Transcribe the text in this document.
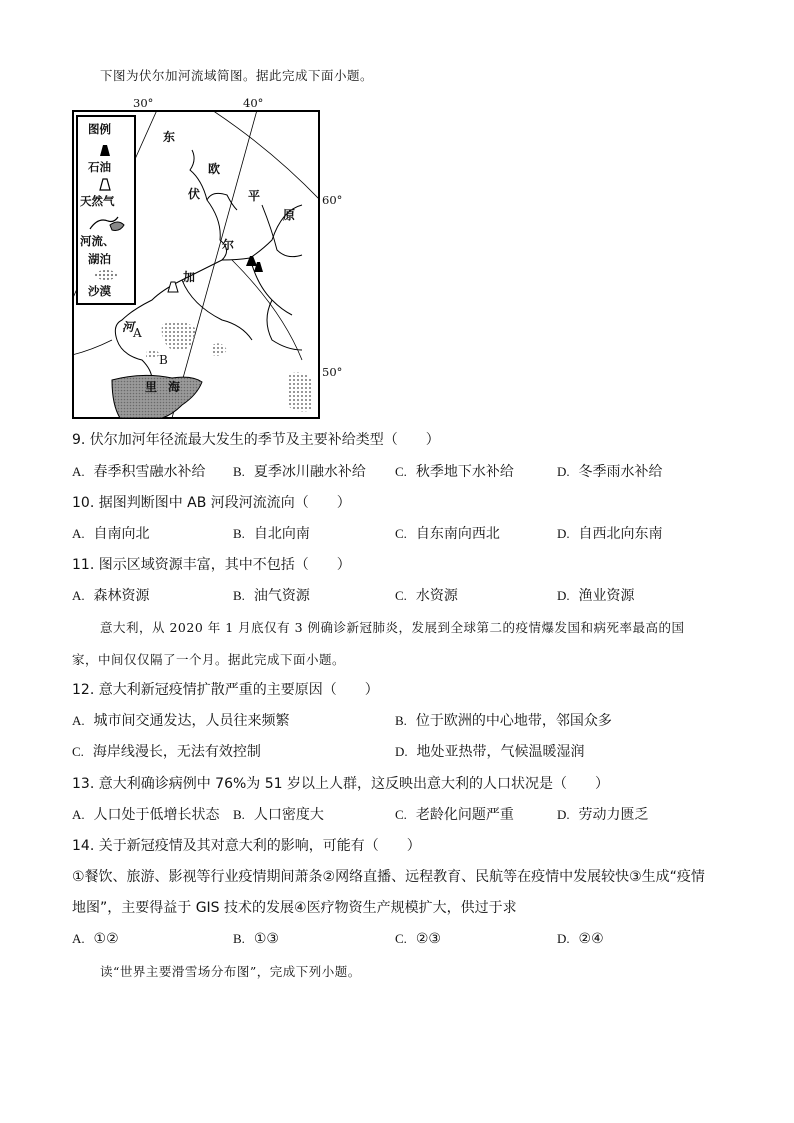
下图为伏尔加河流域简图。据此完成下面小题。
30°	40°
60°
50°
东
欧
伏	平
原
尔
加
河
A
B
里 海
图例
石油
天然气
河流、
湖泊
沙漠
9. 伏尔加河年径流最大发生的季节及主要补给类型（　　）
A. 春季积雪融水补给 B. 夏季冰川融水补给 C. 秋季地下水补给	D. 冬季雨水补给
10. 据图判断图中 AB 河段河流流向（　　）
A. 自南向北	B. 自北向南	C. 自东南向西北	D. 自西北向东南
11. 图示区域资源丰富，其中不包括（　　）
A. 森林资源	B. 油气资源	C. 水资源	D. 渔业资源
意大利，从 2020 年 1 月底仅有 3 例确诊新冠肺炎，发展到全球第二的疫情爆发国和病死率最高的国
家，中间仅仅隔了一个月。据此完成下面小题。
12. 意大利新冠疫情扩散严重的主要原因（　　）
A. 城市间交通发达，人员往来频繁	B. 位于欧洲的中心地带，邻国众多
C. 海岸线漫长，无法有效控制	D. 地处亚热带，气候温暖湿润
13. 意大利确诊病例中 76%为 51 岁以上人群，这反映出意大利的人口状况是（　　）
A. 人口处于低增长状态 B. 人口密度大	C. 老龄化问题严重	D. 劳动力匮乏
14. 关于新冠疫情及其对意大利的影响，可能有（　　）
①餐饮、旅游、影视等行业疫情期间萧条②网络直播、远程教育、民航等在疫情中发展较快③生成“疫情
地图”，主要得益于 GIS 技术的发展④医疗物资生产规模扩大，供过于求
A. ①②	B. ①③	C. ②③	D. ②④
读“世界主要滑雪场分布图”，完成下列小题。
